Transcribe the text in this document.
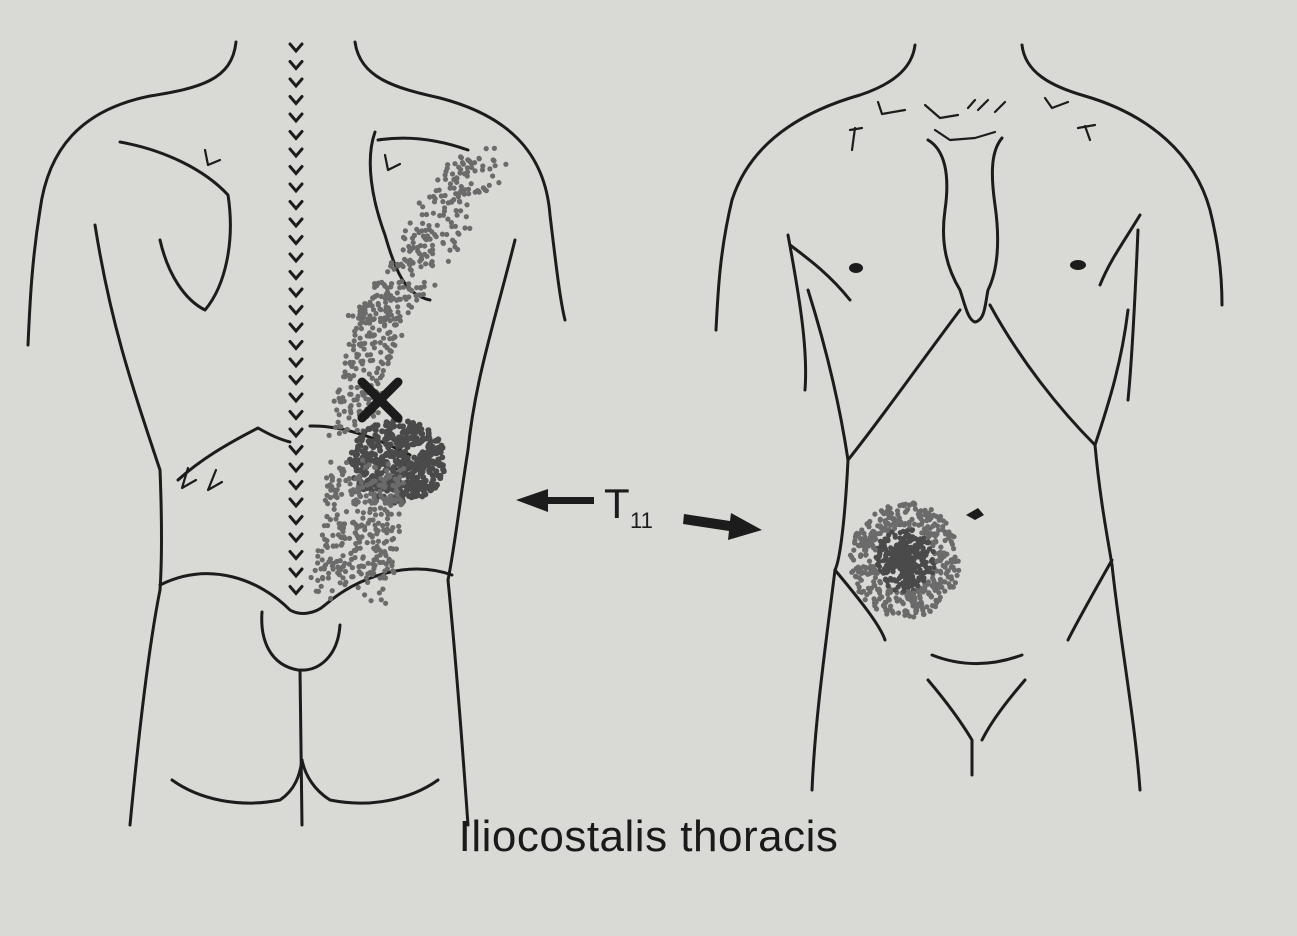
T 11
Iliocostalis thoracis
